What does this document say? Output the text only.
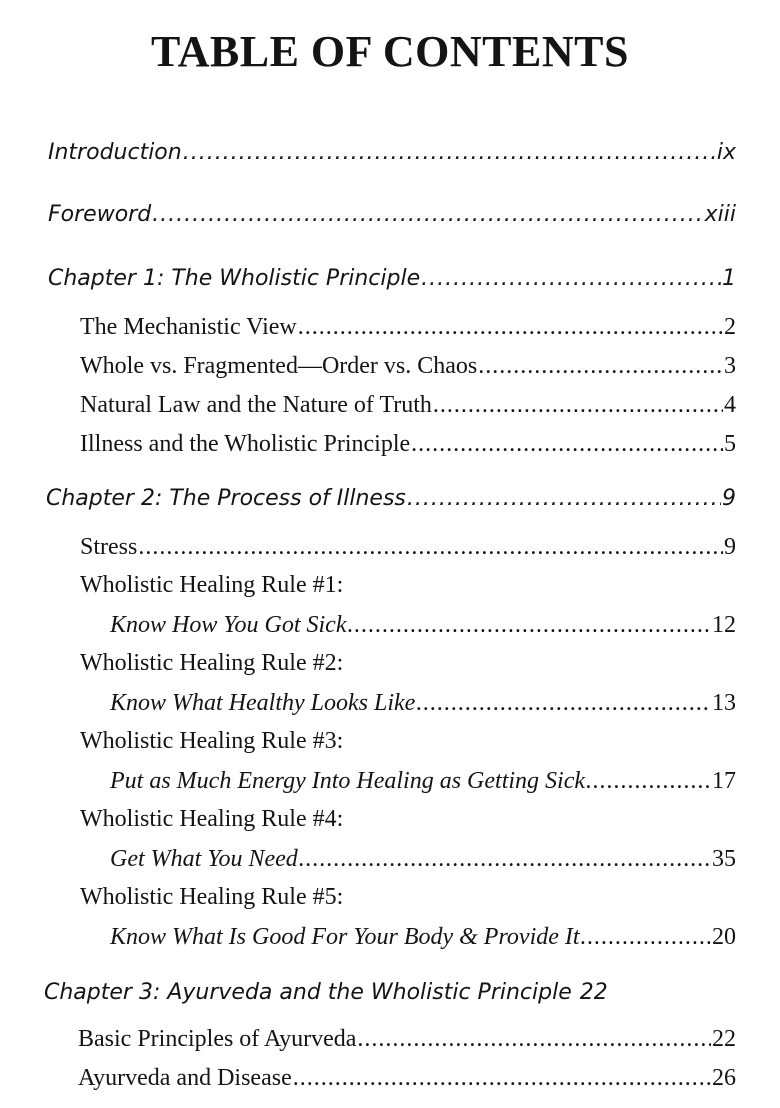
TABLE OF CONTENTS
Introduction .....	ix
Foreword .....	xiii
Chapter 1: The Wholistic Principle .....	1
The Mechanistic View .....	2
Whole vs. Fragmented—Order vs. Chaos .....	3
Natural Law and the Nature of Truth .....	4
Illness and the Wholistic Principle .....	5
Chapter 2: The Process of Illness .....	9
Stress .....	9
Wholistic Healing Rule #1:
Know How You Got Sick .....	12
Wholistic Healing Rule #2:
Know What Healthy Looks Like .....	13
Wholistic Healing Rule #3:
Put as Much Energy Into Healing as Getting Sick .....	17
Wholistic Healing Rule #4:
Get What You Need .....	35
Wholistic Healing Rule #5:
Know What Is Good For Your Body & Provide It .....	20
Chapter 3: Ayurveda and the Wholistic Principle 22
Basic Principles of Ayurveda .....	22
Ayurveda and Disease .....	26
